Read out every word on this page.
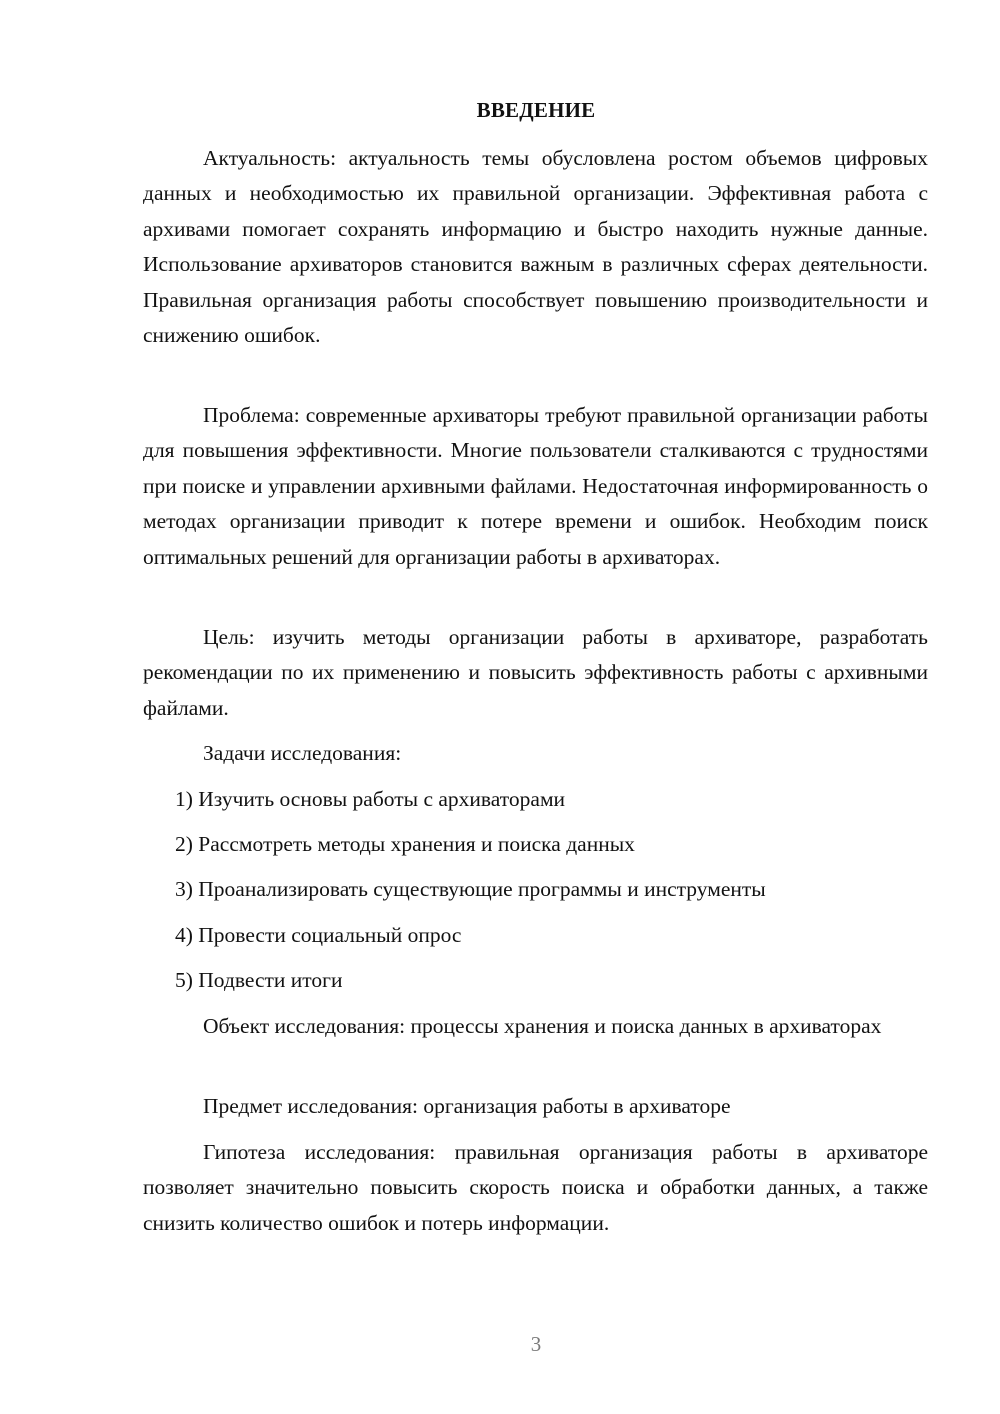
ВВЕДЕНИЕ

Актуальность: актуальность темы обусловлена ростом объемов цифровых данных и необходимостью их правильной организации. Эффективная работа с архивами помогает сохранять информацию и быстро находить нужные данные. Использование архиваторов становится важным в различных сферах деятельности. Правильная организация работы способствует повышению производительности и снижению ошибок.

Проблема: современные архиваторы требуют правильной организации работы для повышения эффективности. Многие пользователи сталкиваются с трудностями при поиске и управлении архивными файлами. Недостаточная информированность о методах организации приводит к потере времени и ошибок. Необходим поиск оптимальных решений для организации работы в архиваторах.

Цель: изучить методы организации работы в архиваторе, разработать рекомендации по их применению и повысить эффективность работы с архивными файлами.

Задачи исследования:

1) Изучить основы работы с архиваторами

2) Рассмотреть методы хранения и поиска данных

3) Проанализировать существующие программы и инструменты

4) Провести социальный опрос

5) Подвести итоги

Объект исследования: процессы хранения и поиска данных в архиваторах

Предмет исследования: организация работы в архиваторе

Гипотеза исследования: правильная организация работы в архиваторе позволяет значительно повысить скорость поиска и обработки данных, а также снизить количество ошибок и потерь информации.

3
